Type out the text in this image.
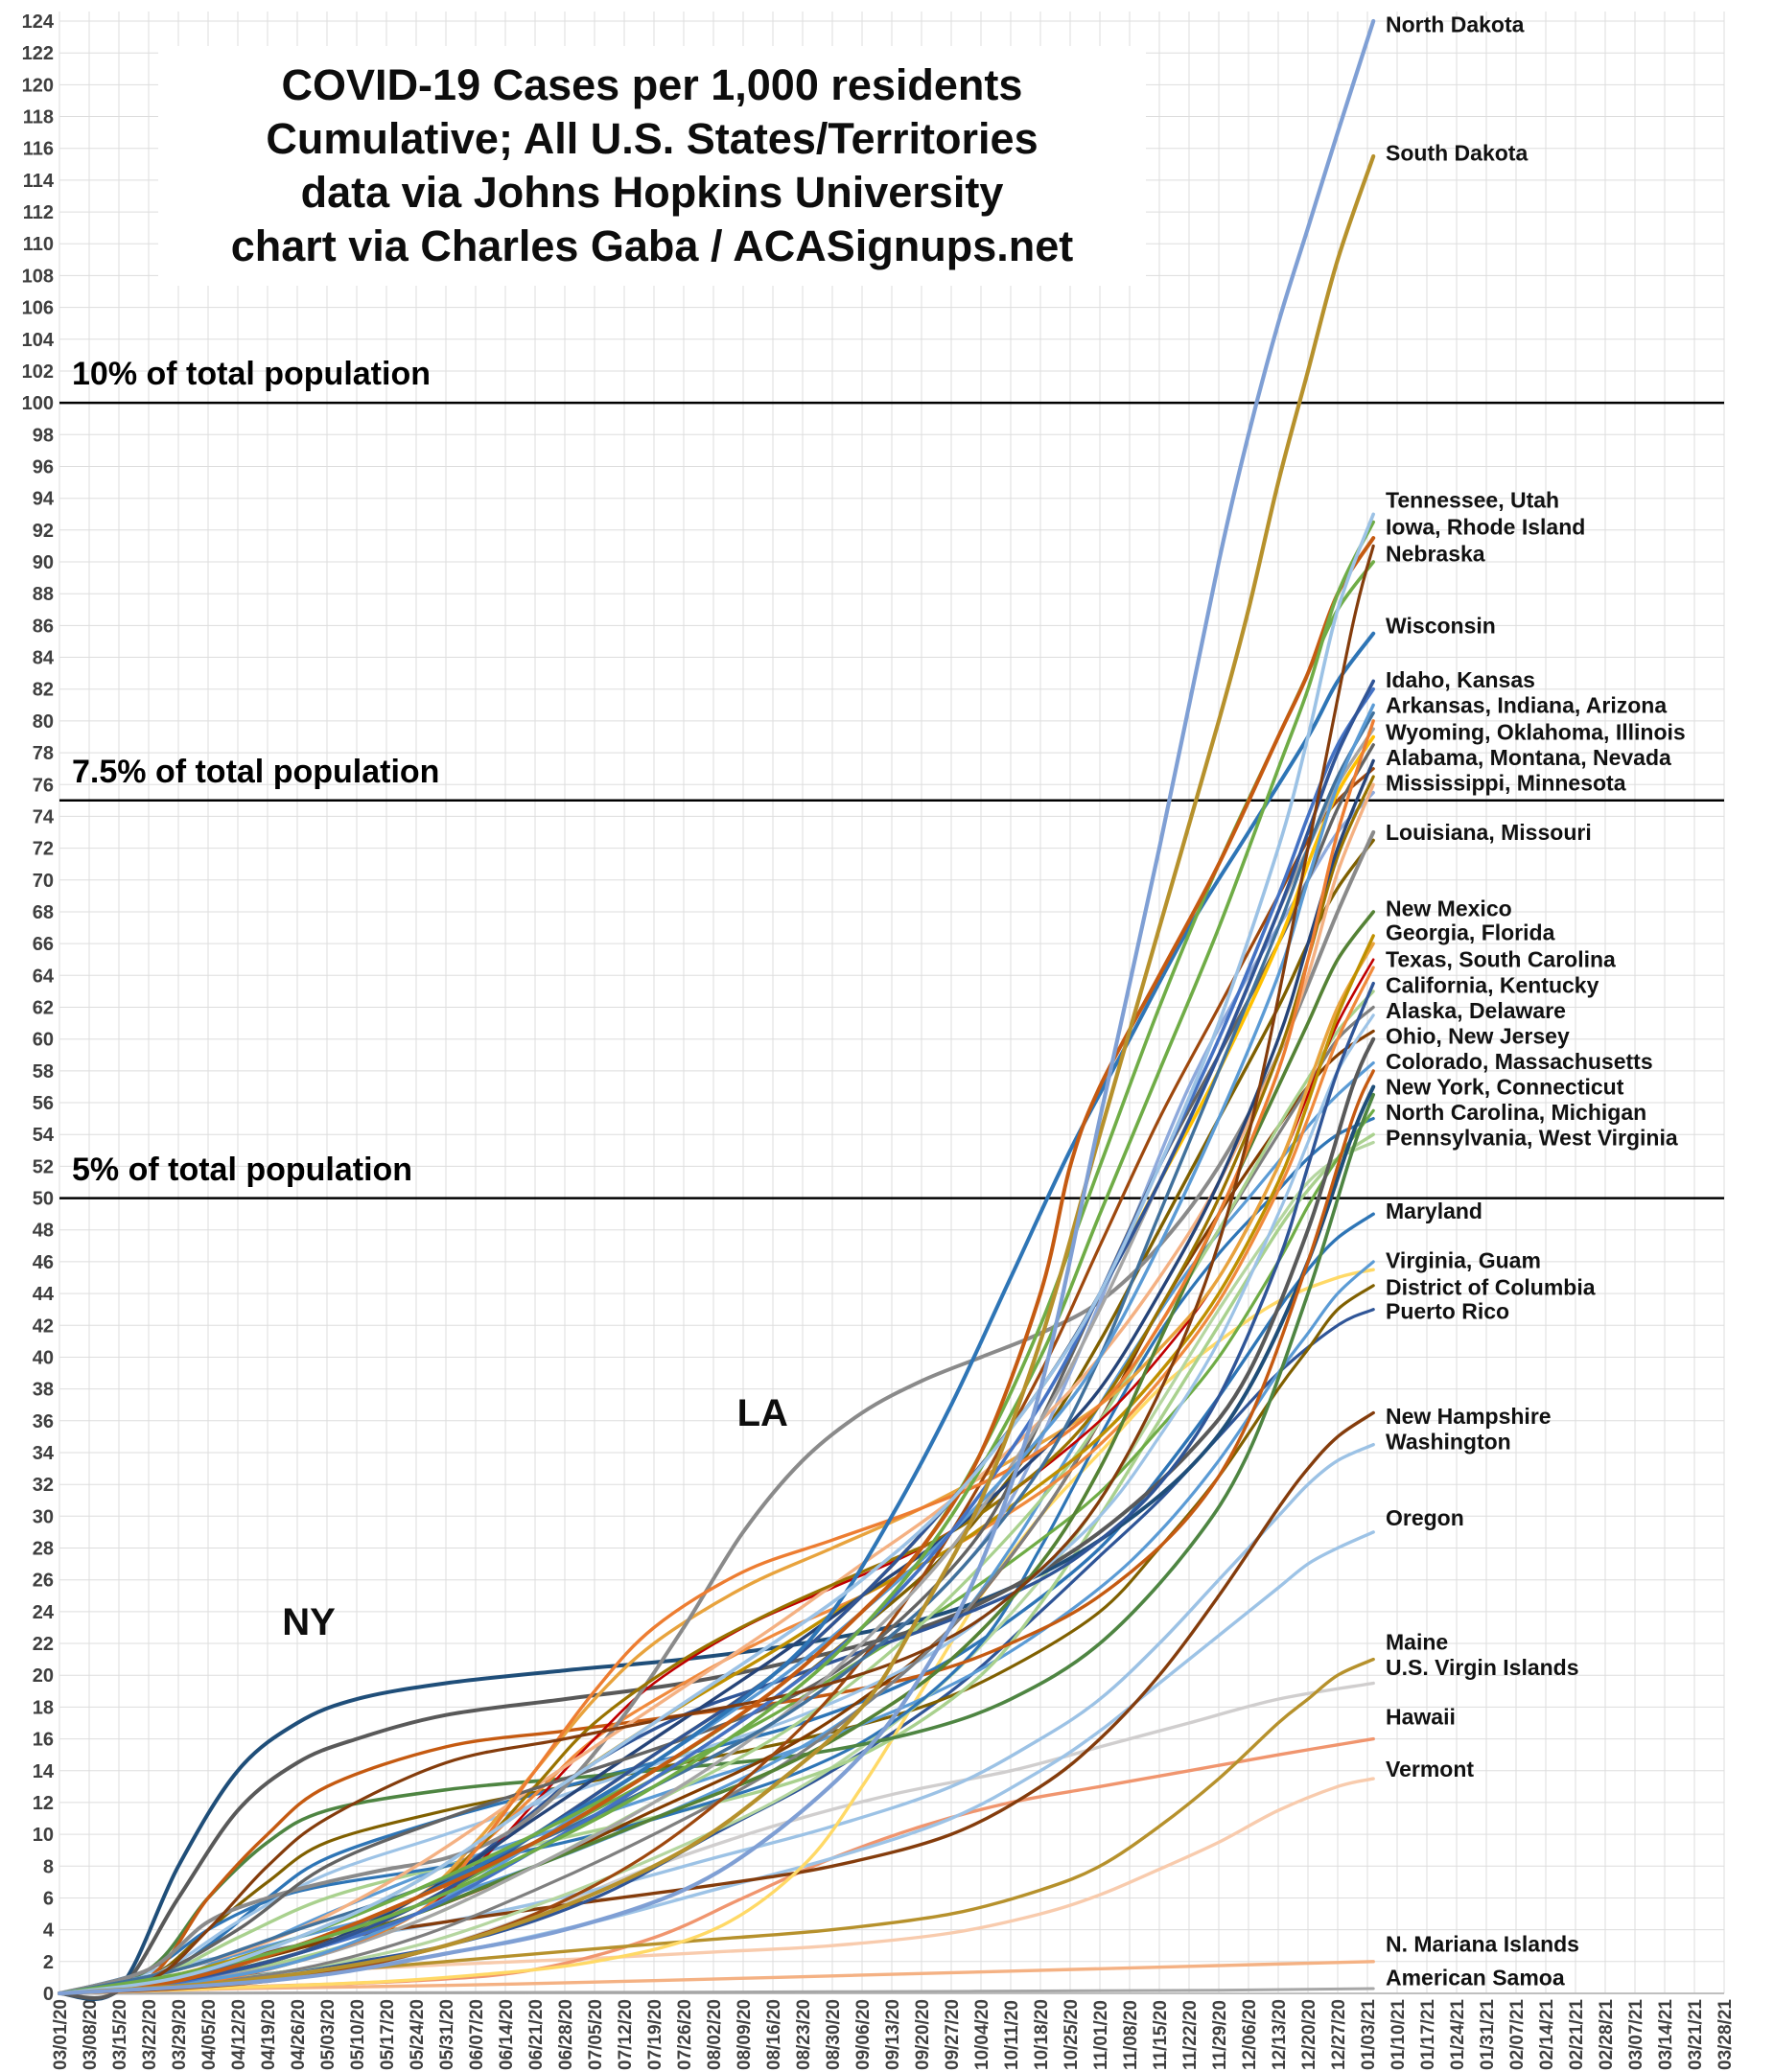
0
2
4
6
8
10
12
14
16
18
20
22
24
26
28
30
32
34
36
38
40
42
44
46
48
50
52
54
56
58
60
62
64
66
68
70
72
74
76
78
80
82
84
86
88
90
92
94
96
98
100
102
104
106
108
110
112
114
116
118
120
122
124
03/01/20 03/08/20 03/15/20 03/22/20 03/29/20 04/05/20 04/12/20 04/19/20 04/26/20 05/03/20 05/10/20 05/17/20 05/24/20 05/31/20 06/07/20 06/14/20 06/21/20 06/28/20 07/05/20 07/12/20 07/19/20 07/26/20 08/02/20 08/09/20 08/16/20 08/23/20 08/30/20 09/06/20 09/13/20 09/20/20 09/27/20 10/04/20 10/11/20 10/18/20 10/25/20 11/01/20 11/08/20 11/15/20 11/22/20 11/29/20 12/06/20 12/13/20 12/20/20 12/27/20 01/03/21 01/10/21 01/17/21 01/24/21 01/31/21 02/07/21 02/14/21 02/21/21 02/28/21 03/07/21 03/14/21 03/21/21 03/28/21
North Dakota
South Dakota
Tennessee, Utah
Iowa, Rhode Island
Nebraska
Wisconsin
Idaho, Kansas
Arkansas, Indiana, Arizona
Wyoming, Oklahoma, Illinois
Alabama, Montana, Nevada
Mississippi, Minnesota
Louisiana, Missouri
New Mexico
Georgia, Florida
Texas, South Carolina
California, Kentucky
Alaska, Delaware
Ohio, New Jersey
Colorado, Massachusetts
New York, Connecticut
North Carolina, Michigan
Pennsylvania, West Virginia
Maryland
Virginia, Guam
District of Columbia
Puerto Rico
New Hampshire
Washington
Oregon
Maine
U.S. Virgin Islands
Hawaii
Vermont
N. Mariana Islands
American Samoa
COVID-19 Cases per 1,000 residents
Cumulative; All U.S. States/Territories
data via Johns Hopkins University
chart via Charles Gaba / ACASignups.net
10% of total population
7.5% of total population
5% of total population
NY
LA
